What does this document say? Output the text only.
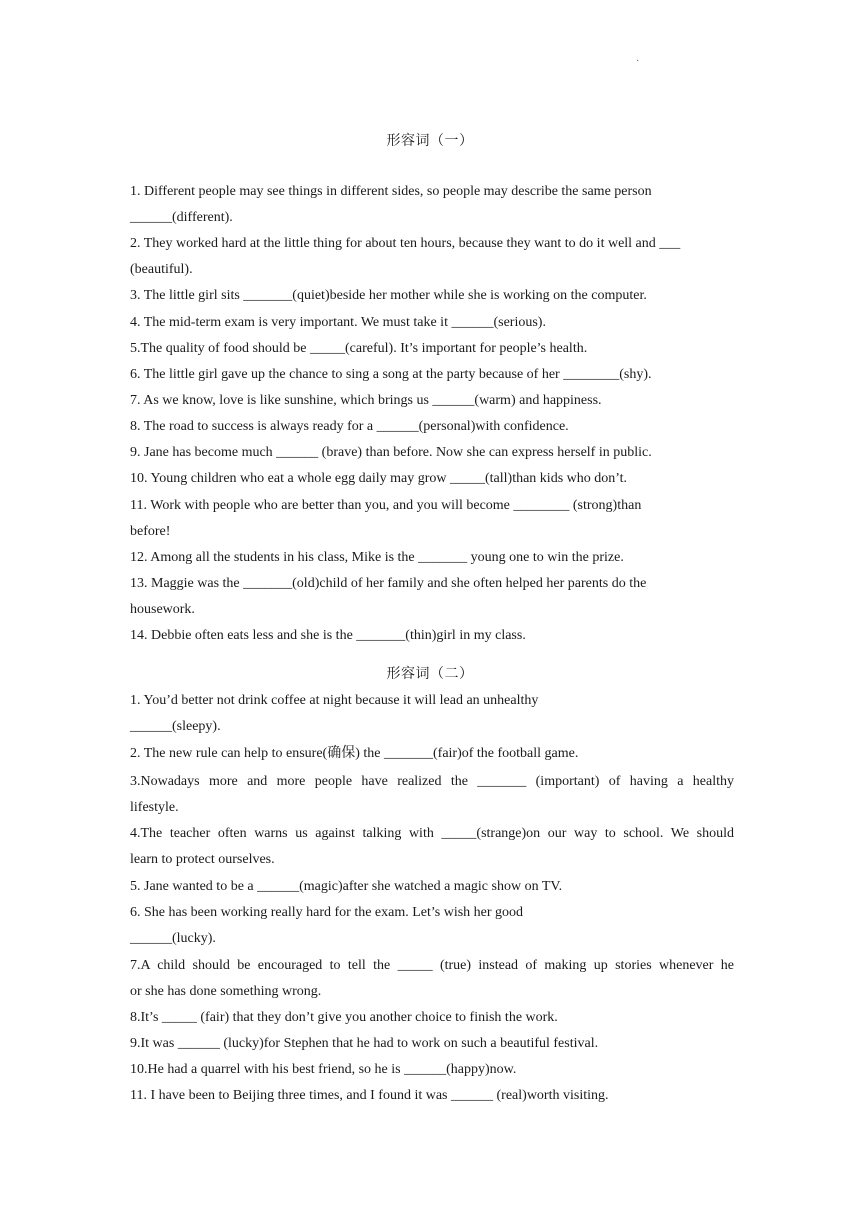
·
形容词（一）
1. Different people may see things in different sides, so people may describe the same person
______(different).
2. They worked hard at the little thing for about ten hours, because they want to do it well and ___
(beautiful).
3. The little girl sits _______(quiet)beside her mother while she is working on the computer.
4. The mid-term exam is very important. We must take it ______(serious).
5.The quality of food should be _____(careful). It’s important for people’s health.
6. The little girl gave up the chance to sing a song at the party because of her ________(shy).
7. As we know, love is like sunshine, which brings us ______(warm) and happiness.
8. The road to success is always ready for a ______(personal)with confidence.
9. Jane has become much ______ (brave) than before. Now she can express herself in public.
10. Young children who eat a whole egg daily may grow _____(tall)than kids who don’t.
11. Work with people who are better than you, and you will become ________ (strong)than
before!
12. Among all the students in his class, Mike is the _______ young one to win the prize.
13. Maggie was the _______(old)child of her family and she often helped her parents do the
housework.
14. Debbie often eats less and she is the _______(thin)girl in my class.
形容词（二）
1. You’d better not drink coffee at night because it will lead an unhealthy
______(sleepy).
2. The new rule can help to ensure(确保) the _______(fair)of the football game.
3.Nowadays more and more people have realized the _______ (important) of having a healthy
lifestyle.
4.The teacher often warns us against talking with _____(strange)on our way to school. We should
learn to protect ourselves.
5. Jane wanted to be a ______(magic)after she watched a magic show on TV.
6. She has been working really hard for the exam. Let’s wish her good
______(lucky).
7.A child should be encouraged to tell the _____ (true) instead of making up stories whenever he
or she has done something wrong.
8.It’s _____ (fair) that they don’t give you another choice to finish the work.
9.It was ______ (lucky)for Stephen that he had to work on such a beautiful festival.
10.He had a quarrel with his best friend, so he is ______(happy)now.
11. I have been to Beijing three times, and I found it was ______ (real)worth visiting.
